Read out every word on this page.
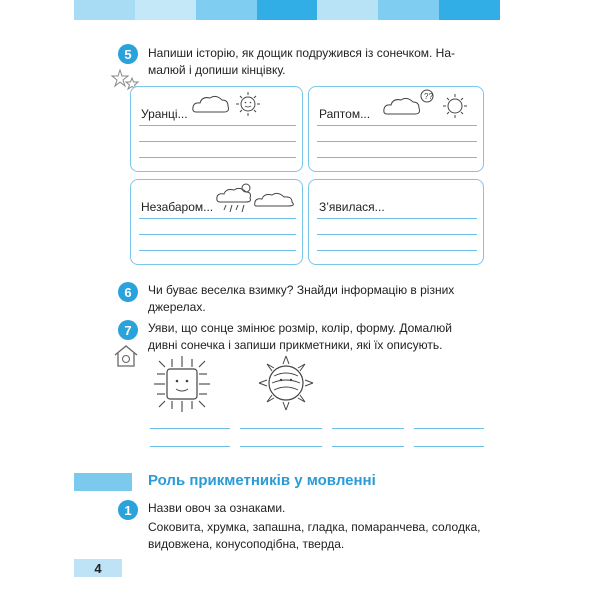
5	Напиши історію, як дощик подружився із сонечком. На-
малюй і допиши кінцівку.
Уранці...	Раптом...
??
Незабаром...	З’явилася...
6	Чи буває веселка взимку? Знайди інформацію в різних
джерелах.
7	Уяви, що сонце змінює розмір, колір, форму. Домалюй
дивні сонечка і запиши прикметники, які їх описують.
Роль прикметників у мовленні
1	Назви овоч за ознаками.
Соковита, хрумка, запашна, гладка, помаранчева, солодка,
видовжена, конусоподібна, тверда.
4
